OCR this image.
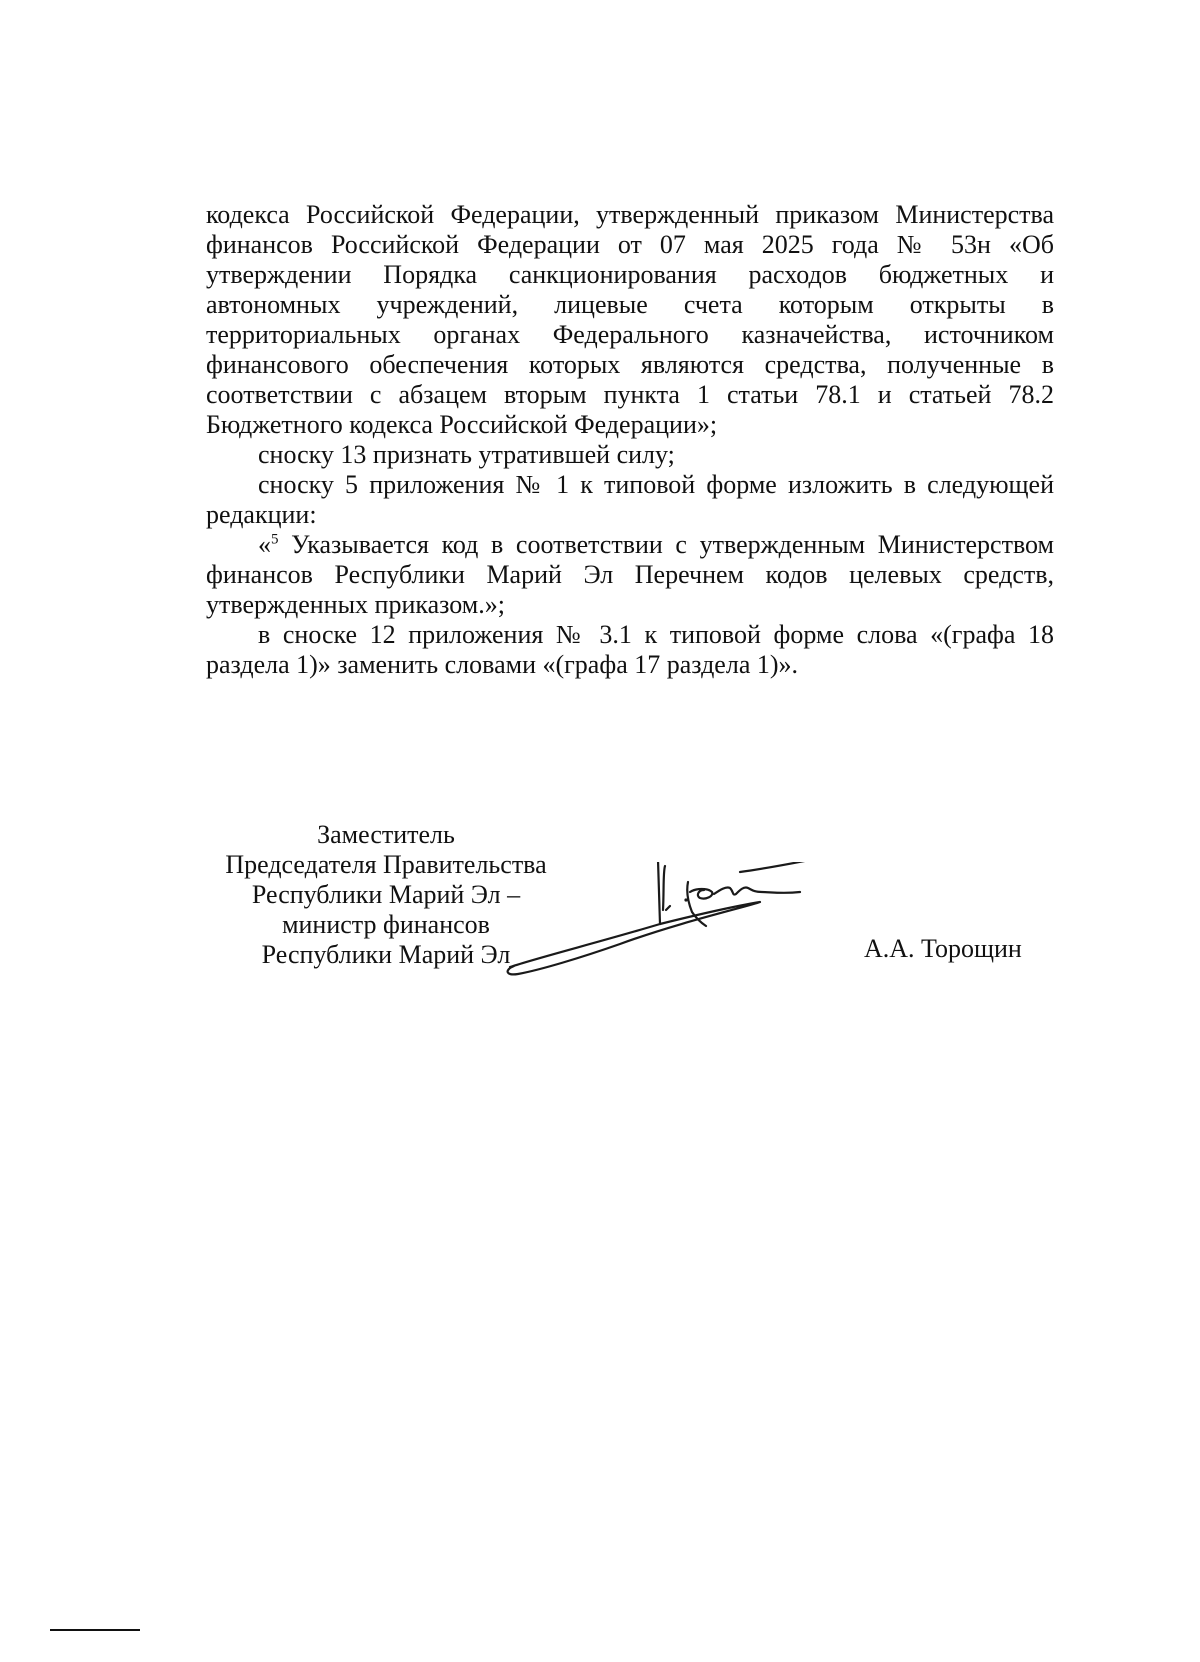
кодекса Российской Федерации, утвержденный приказом Министерства финансов Российской Федерации от 07 мая 2025 года № 53н «Об утверждении Порядка санкционирования расходов бюджетных и автономных учреждений, лицевые счета которым открыты в территориальных органах Федерального казначейства, источником финансового обеспечения которых являются средства, полученные в соответствии с абзацем вторым пункта 1 статьи 78.1 и статьей 78.2 Бюджетного кодекса Российской Федерации»;

сноску 13 признать утратившей силу;

сноску 5 приложения № 1 к типовой форме изложить в следующей редакции:

«$^5$ Указывается код в соответствии с утвержденным Министерством финансов Республики Марий Эл Перечнем кодов целевых средств, утвержденных приказом.»;

в сноске 12 приложения № 3.1 к типовой форме слова «(графа 18 раздела 1)» заменить словами «(графа 17 раздела 1)».

Заместитель
Председателя Правительства
Республики Марий Эл –
министр финансов
Республики Марий Эл	А.А. Торощин
